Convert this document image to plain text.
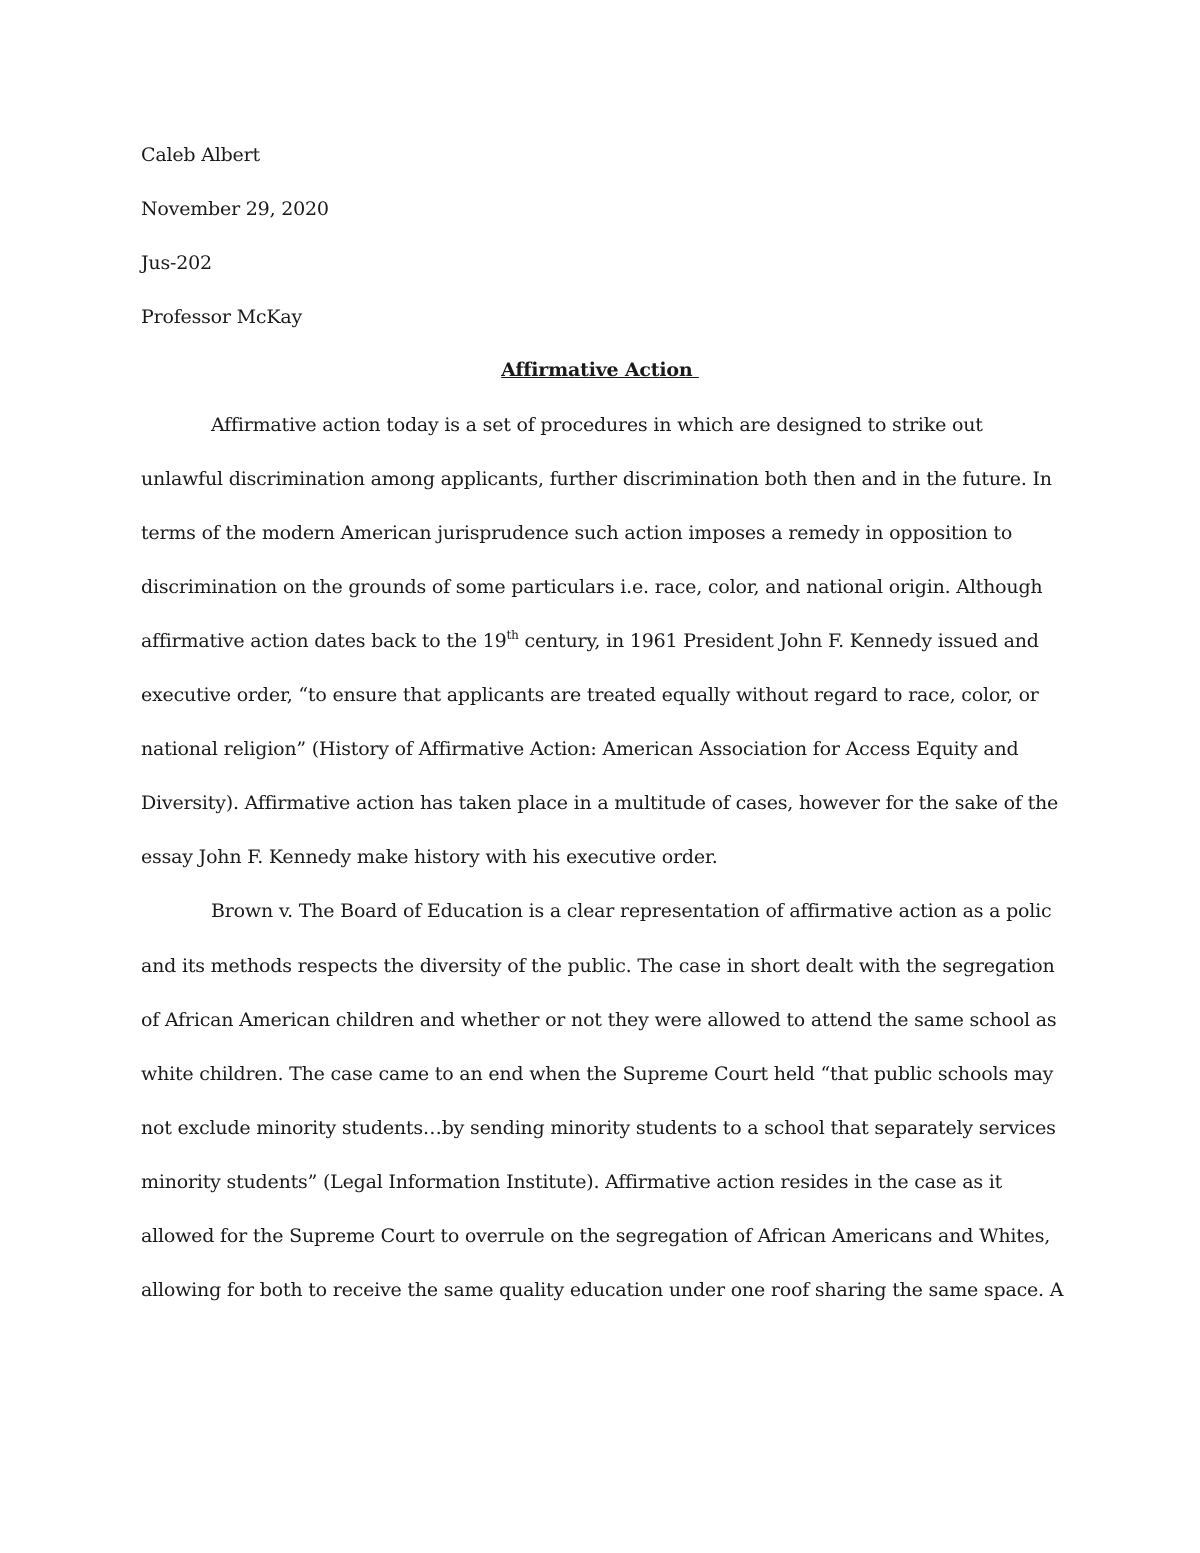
Caleb Albert
November 29, 2020
Jus-202
Professor McKay
Affirmative Action
Affirmative action today is a set of procedures in which are designed to strike out
unlawful discrimination among applicants, further discrimination both then and in the future. In
terms of the modern American jurisprudence such action imposes a remedy in opposition to
discrimination on the grounds of some particulars i.e. race, color, and national origin. Although
affirmative action dates back to the 19th century, in 1961 President John F. Kennedy issued and
executive order, “to ensure that applicants are treated equally without regard to race, color, or
national religion” (History of Affirmative Action: American Association for Access Equity and
Diversity). Affirmative action has taken place in a multitude of cases, however for the sake of the
essay John F. Kennedy make history with his executive order.
Brown v. The Board of Education is a clear representation of affirmative action as a polic
and its methods respects the diversity of the public. The case in short dealt with the segregation
of African American children and whether or not they were allowed to attend the same school as
white children. The case came to an end when the Supreme Court held “that public schools may
not exclude minority students…by sending minority students to a school that separately services
minority students” (Legal Information Institute). Affirmative action resides in the case as it
allowed for the Supreme Court to overrule on the segregation of African Americans and Whites,
allowing for both to receive the same quality education under one roof sharing the same space. A
